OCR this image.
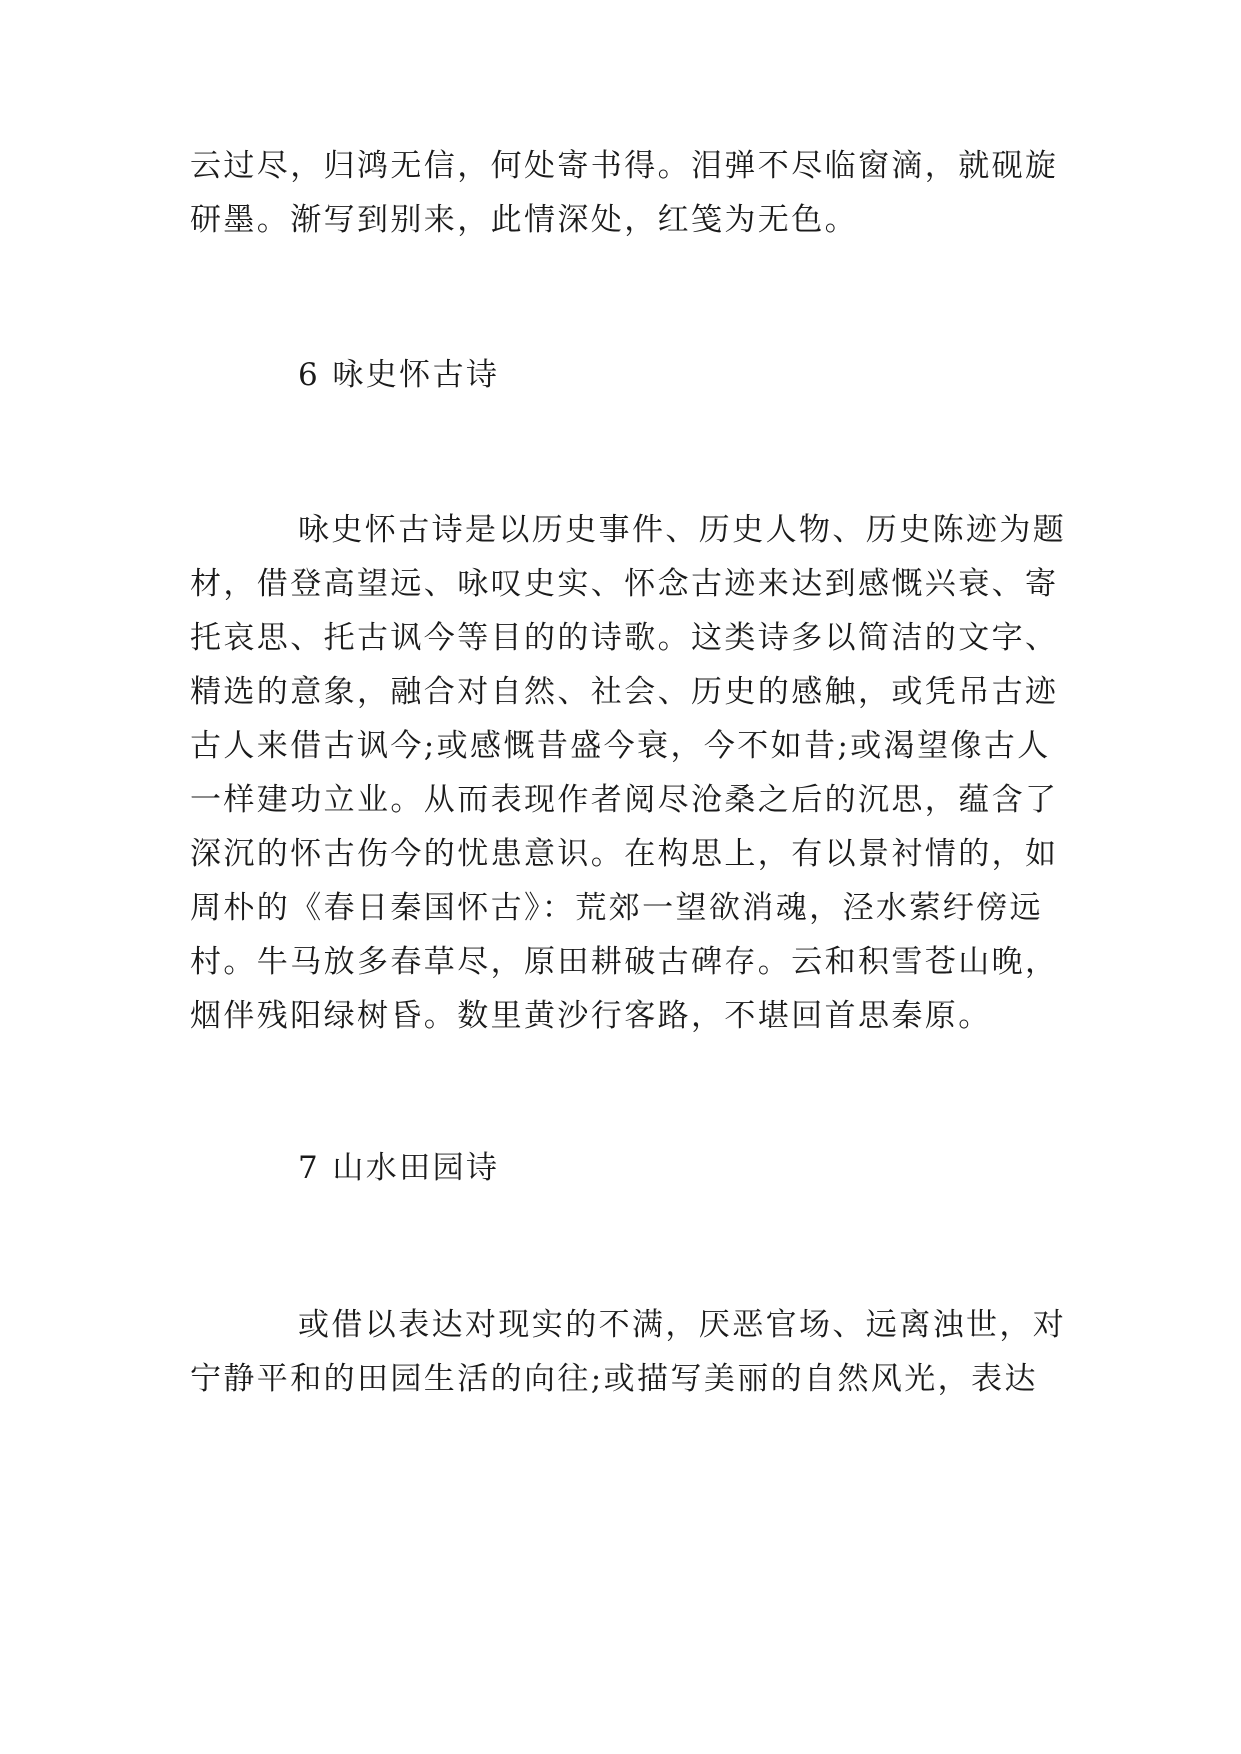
云过尽，归鸿无信，何处寄书得。泪弹不尽临窗滴，就砚旋
研墨。渐写到别来，此情深处，红笺为无色。
6 咏史怀古诗
咏史怀古诗是以历史事件、历史人物、历史陈迹为题
材，借登高望远、咏叹史实、怀念古迹来达到感慨兴衰、寄
托哀思、托古讽今等目的的诗歌。这类诗多以简洁的文字、
精选的意象，融合对自然、社会、历史的感触，或凭吊古迹
古人来借古讽今;或感慨昔盛今衰，今不如昔;或渴望像古人
一样建功立业。从而表现作者阅尽沧桑之后的沉思，蕴含了
深沉的怀古伤今的忧患意识。在构思上，有以景衬情的，如
周朴的《春日秦国怀古》：荒郊一望欲消魂，泾水萦纡傍远
村。牛马放多春草尽，原田耕破古碑存。云和积雪苍山晚，
烟伴残阳绿树昏。数里黄沙行客路，不堪回首思秦原。
7 山水田园诗
或借以表达对现实的不满，厌恶官场、远离浊世，对
宁静平和的田园生活的向往;或描写美丽的自然风光，表达
